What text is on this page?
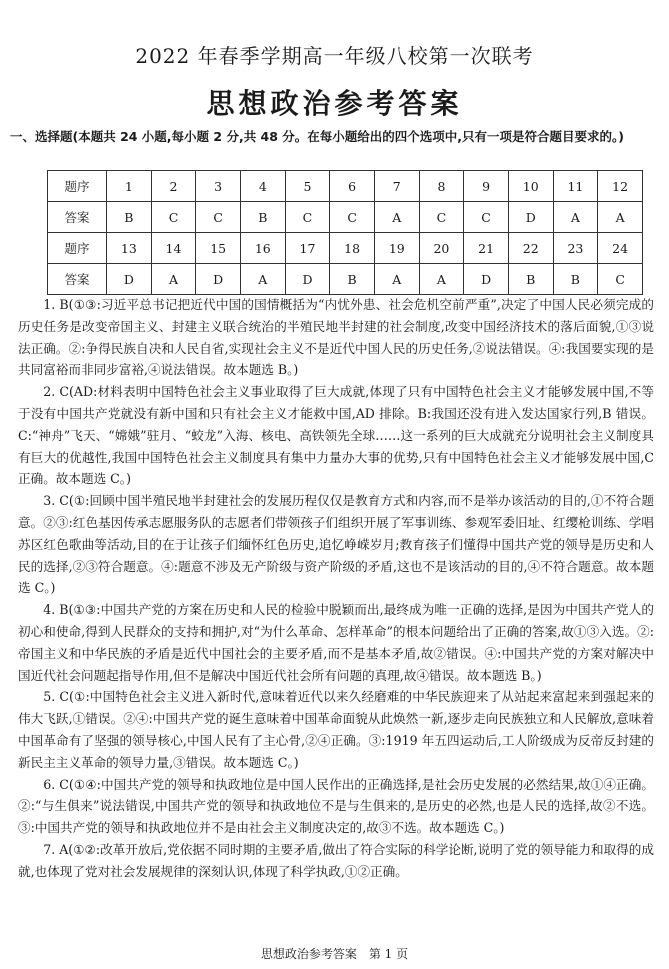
2022 年春季学期高一年级八校第一次联考
思想政治参考答案
一、选择题(本题共 24 小题,每小题 2 分,共 48 分。在每小题给出的四个选项中,只有一项是符合题目要求的。)
题序	1	2	3	4	5	6	7	8	9	10	11	12
答案	B	C	C	B	C	C	A	C	C	D	A	A
题序	13	14	15	16	17	18	19	20	21	22	23	24
答案	D	A	D	A	D	B	A	A	D	B	B	C

1. B(①③:习近平总书记把近代中国的国情概括为“内忧外患、社会危机空前严重”,决定了中国人民必须完成的历史任务是改变帝国主义、封建主义联合统治的半殖民地半封建的社会制度,改变中国经济技术的落后面貌,①③说法正确。②:争得民族自决和人民自省,实现社会主义不是近代中国人民的历史任务,②说法错误。④:我国要实现的是共同富裕而非同步富裕,④说法错误。故本题选 B。)

2. C(AD:材料表明中国特色社会主义事业取得了巨大成就,体现了只有中国特色社会主义才能够发展中国,不等于没有中国共产党就没有新中国和只有社会主义才能救中国,AD 排除。B:我国还没有进入发达国家行列,B 错误。C:“神舟”飞天、“嫦娥”驻月、“蛟龙”入海、核电、高铁领先全球……这一系列的巨大成就充分说明社会主义制度具有巨大的优越性,我国中国特色社会主义制度具有集中力量办大事的优势,只有中国特色社会主义才能够发展中国,C 正确。故本题选 C。)

3. C(①:回顾中国半殖民地半封建社会的发展历程仅仅是教育方式和内容,而不是举办该活动的目的,①不符合题意。②③:红色基因传承志愿服务队的志愿者们带领孩子们组织开展了军事训练、参观军委旧址、红缨枪训练、学唱苏区红色歌曲等活动,目的在于让孩子们缅怀红色历史,追忆峥嵘岁月;教育孩子们懂得中国共产党的领导是历史和人民的选择,②③符合题意。④:题意不涉及无产阶级与资产阶级的矛盾,这也不是该活动的目的,④不符合题意。故本题选 C。)

4. B(①③:中国共产党的方案在历史和人民的检验中脱颖而出,最终成为唯一正确的选择,是因为中国共产党人的初心和使命,得到人民群众的支持和拥护,对“为什么革命、怎样革命”的根本问题给出了正确的答案,故①③入选。②:帝国主义和中华民族的矛盾是近代中国社会的主要矛盾,而不是基本矛盾,故②错误。④:中国共产党的方案对解决中国近代社会问题起指导作用,但不是解决中国近代社会所有问题的真理,故④错误。故本题选 B。)

5. C(①:中国特色社会主义进入新时代,意味着近代以来久经磨难的中华民族迎来了从站起来富起来到强起来的伟大飞跃,①错误。②④:中国共产党的诞生意味着中国革命面貌从此焕然一新,逐步走向民族独立和人民解放,意味着中国革命有了坚强的领导核心,中国人民有了主心骨,②④正确。③:1919 年五四运动后,工人阶级成为反帝反封建的新民主主义革命的领导力量,③错误。故本题选 C。)

6. C(①④:中国共产党的领导和执政地位是中国人民作出的正确选择,是社会历史发展的必然结果,故①④正确。②:“与生俱来”说法错误,中国共产党的领导和执政地位不是与生俱来的,是历史的必然,也是人民的选择,故②不选。③:中国共产党的领导和执政地位并不是由社会主义制度决定的,故③不选。故本题选 C。)

7. A(①②:改革开放后,党依据不同时期的主要矛盾,做出了符合实际的科学论断,说明了党的领导能力和取得的成就,也体现了党对社会发展规律的深刻认识,体现了科学执政,①②正确。

思想政治参考答案　第 1 页
